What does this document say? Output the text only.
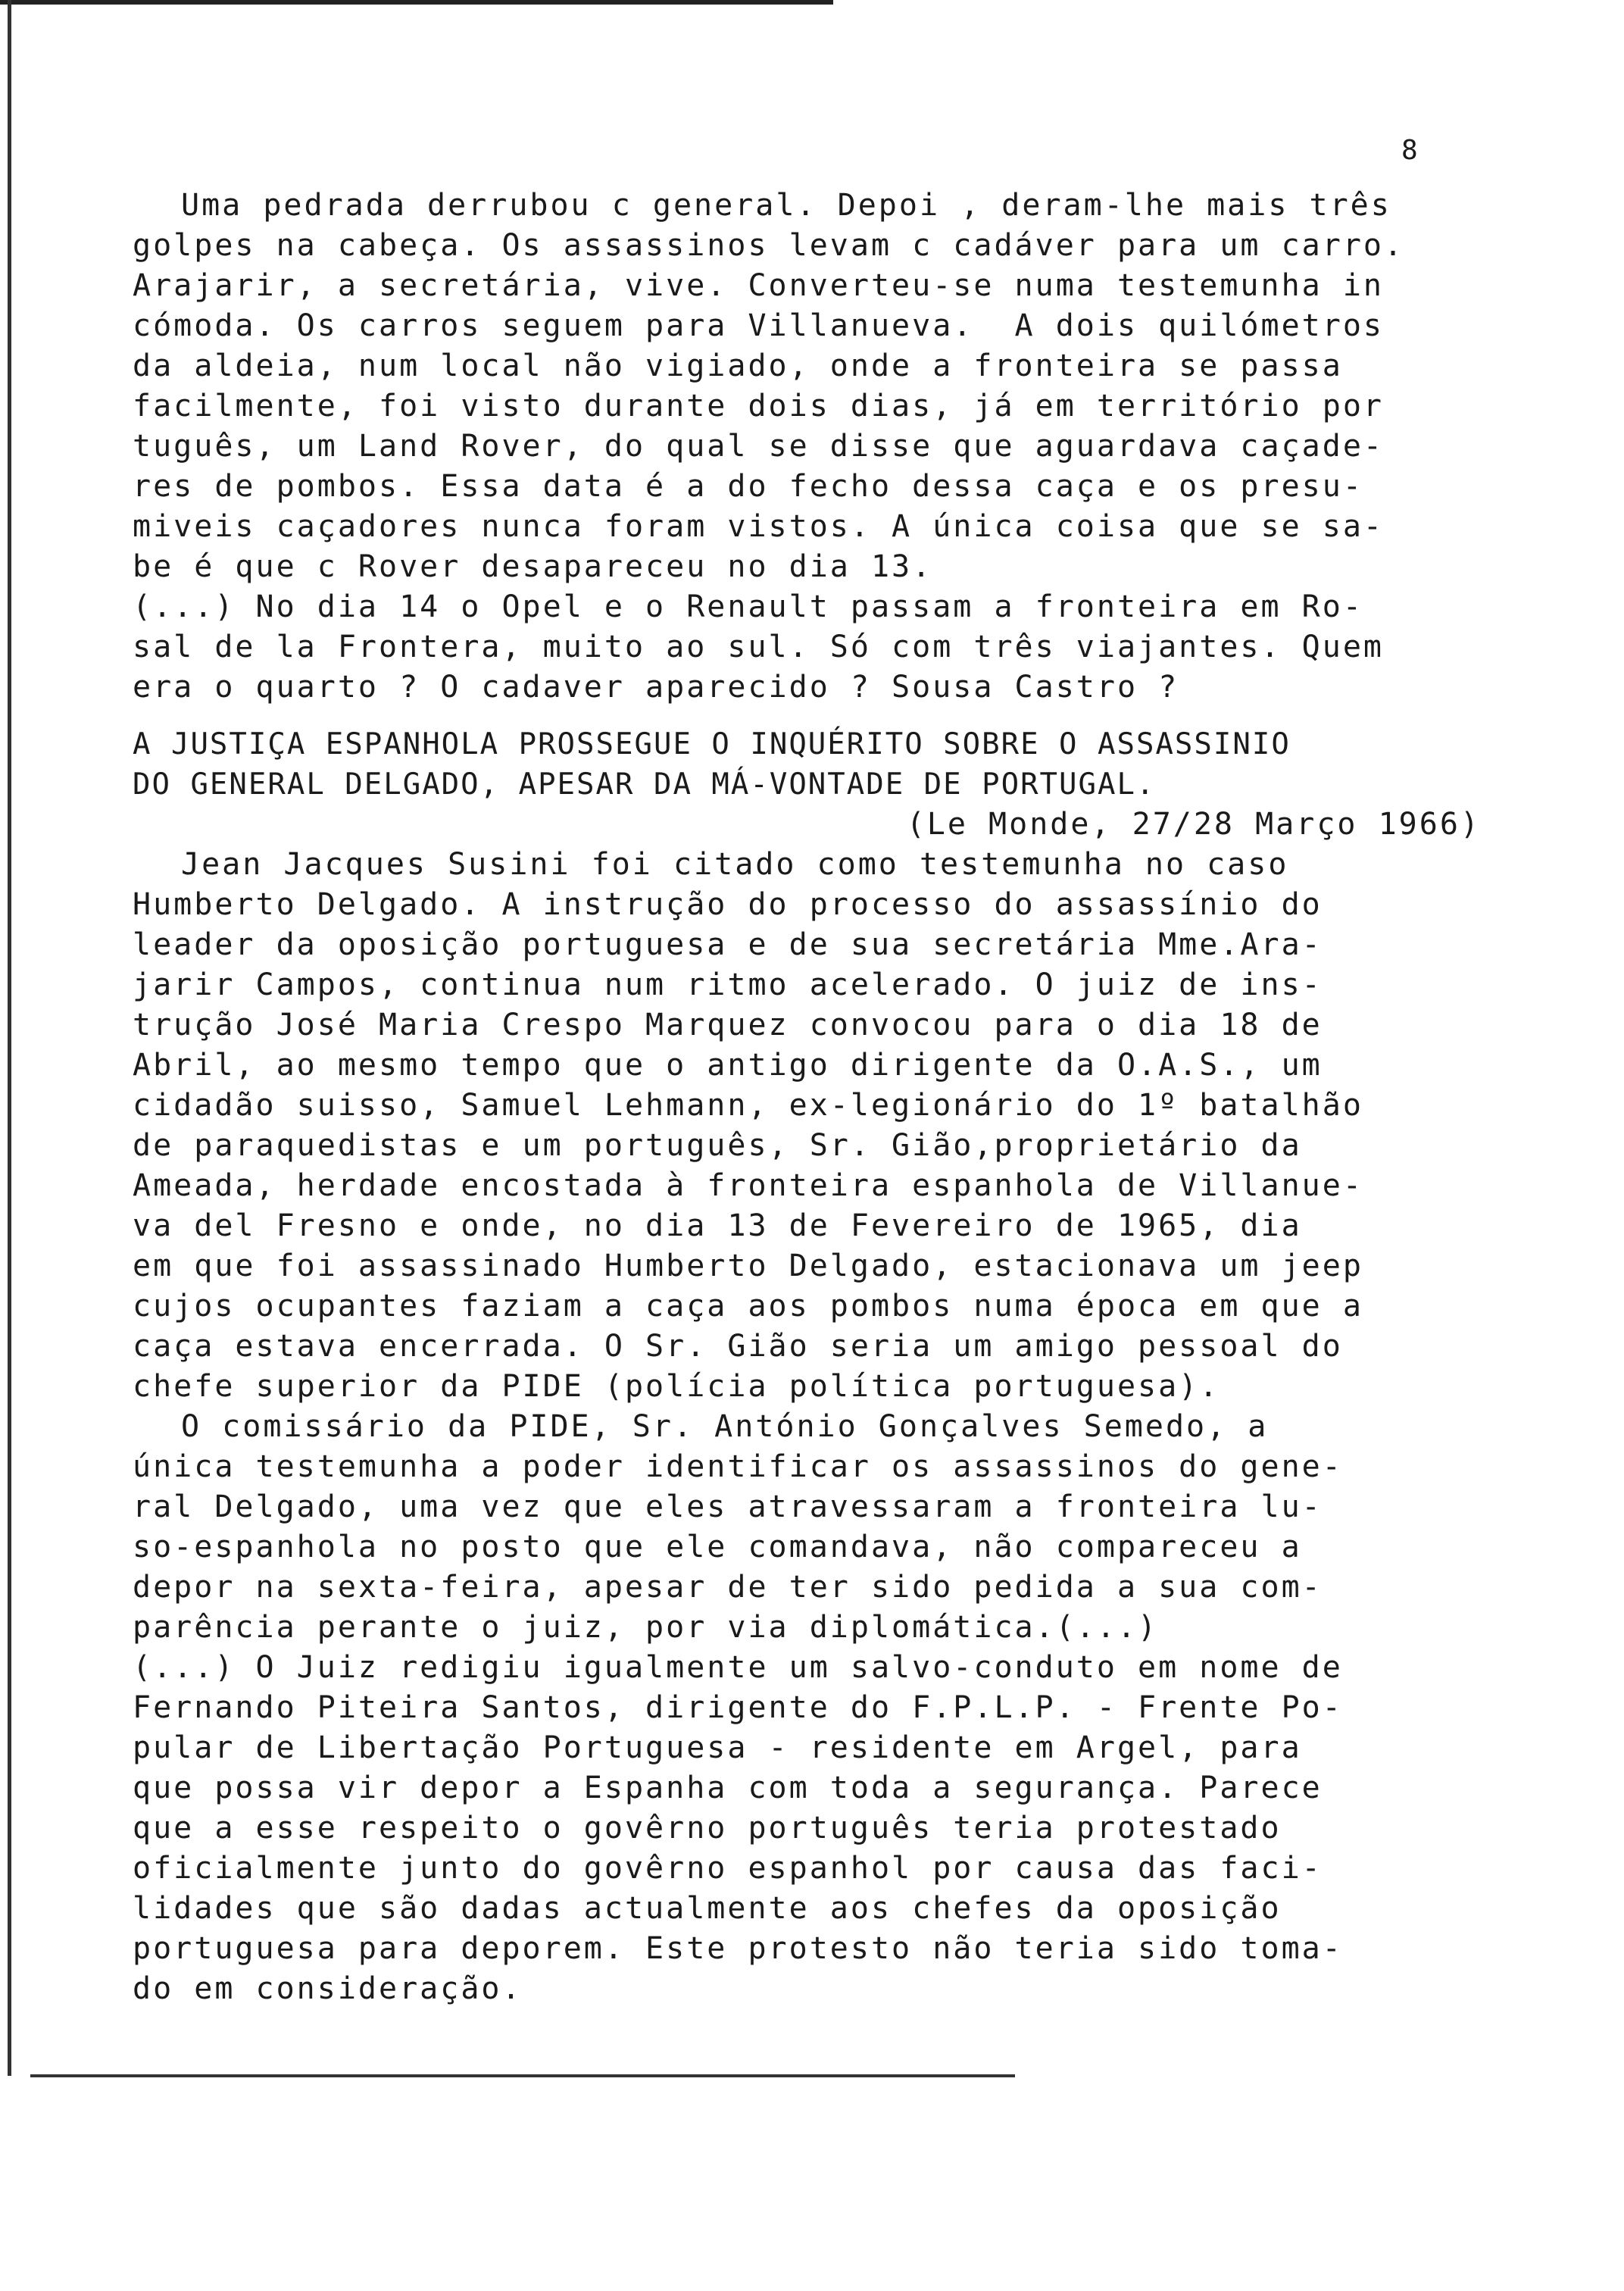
8
Uma pedrada derrubou c general. Depoi , deram-lhe mais três
golpes na cabeça. Os assassinos levam c cadáver para um carro.
Arajarir, a secretária, vive. Converteu-se numa testemunha in
cómoda. Os carros seguem para Villanueva.  A dois quilómetros
da aldeia, num local não vigiado, onde a fronteira se passa
facilmente, foi visto durante dois dias, já em território por
tuguês, um Land Rover, do qual se disse que aguardava caçade-
res de pombos. Essa data é a do fecho dessa caça e os presu-
miveis caçadores nunca foram vistos. A única coisa que se sa-
be é que c Rover desapareceu no dia 13.
(...) No dia 14 o Opel e o Renault passam a fronteira em Ro-
sal de la Frontera, muito ao sul. Só com três viajantes. Quem
era o quarto ? O cadaver aparecido ? Sousa Castro ?
A JUSTIÇA ESPANHOLA PROSSEGUE O INQUÉRITO SOBRE O ASSASSINIO
DO GENERAL DELGADO, APESAR DA MÁ-VONTADE DE PORTUGAL.
(Le Monde, 27/28 Março 1966)
Jean Jacques Susini foi citado como testemunha no caso
Humberto Delgado. A instrução do processo do assassínio do
leader da oposição portuguesa e de sua secretária Mme.Ara-
jarir Campos, continua num ritmo acelerado. O juiz de ins-
trução José Maria Crespo Marquez convocou para o dia 18 de
Abril, ao mesmo tempo que o antigo dirigente da O.A.S., um
cidadão suisso, Samuel Lehmann, ex-legionário do 1º batalhão
de paraquedistas e um português, Sr. Gião,proprietário da
Ameada, herdade encostada à fronteira espanhola de Villanue-
va del Fresno e onde, no dia 13 de Fevereiro de 1965, dia
em que foi assassinado Humberto Delgado, estacionava um jeep
cujos ocupantes faziam a caça aos pombos numa época em que a
caça estava encerrada. O Sr. Gião seria um amigo pessoal do
chefe superior da PIDE (polícia política portuguesa).
O comissário da PIDE, Sr. António Gonçalves Semedo, a
única testemunha a poder identificar os assassinos do gene-
ral Delgado, uma vez que eles atravessaram a fronteira lu-
so-espanhola no posto que ele comandava, não compareceu a
depor na sexta-feira, apesar de ter sido pedida a sua com-
parência perante o juiz, por via diplomática.(...)
(...) O Juiz redigiu igualmente um salvo-conduto em nome de
Fernando Piteira Santos, dirigente do F.P.L.P. - Frente Po-
pular de Libertação Portuguesa - residente em Argel, para
que possa vir depor a Espanha com toda a segurança. Parece
que a esse respeito o govêrno português teria protestado
oficialmente junto do govêrno espanhol por causa das faci-
lidades que são dadas actualmente aos chefes da oposição
portuguesa para deporem. Este protesto não teria sido toma-
do em consideração.
